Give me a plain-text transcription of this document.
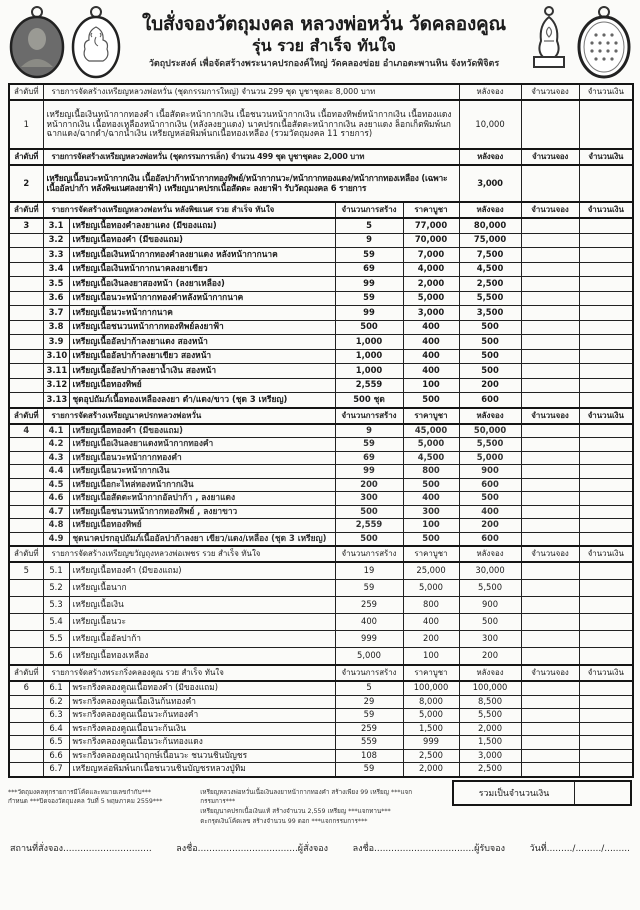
ใบสั่งจองวัตถุมงคล หลวงพ่อหวั่น วัดคลองคูณ
รุ่น รวย สำเร็จ ทันใจ
วัตถุประสงค์ เพื่อจัดสร้างพระนาคปรกองค์ใหญ่ วัดคลองข่อย อำเภอตะพานหิน จังหวัดพิจิตร
ลำดับที่	รายการจัดสร้างเหรียญหลวงพ่อหวั่น (ชุดกรรมการใหญ่) จำนวน 299 ชุด บูชาชุดละ 8,000 บาท				หลังจอง	จำนวนจอง	จำนวนเงิน
1	เหรียญเนื้อเงินหน้ากากทองคำ เนื้อสัตตะหน้ากากเงิน เนื้อชนวนหน้ากากเงิน เนื้อทองทิพย์หน้ากากเงิน เนื้อทองแดงหน้ากากเงิน เนื้อทองเหลืองหน้ากากเงิน (หลังลงยาแดง) นาคปรกเนื้อสัตตะหน้ากากเงิน ลงยาแดง ล็อกเก็ตพิมพ์นก ฉากแดง/ฉากดำ/ฉากน้ำเงิน เหรียญหล่อพิมพ์นกเนื้อทองเหลือง (รวมวัตถุมงคล 11 รายการ)				10,000		
ลำดับที่	รายการจัดสร้างเหรียญหลวงพ่อหวั่น (ชุดกรรมการเล็ก) จำนวน 499 ชุด บูชาชุดละ 2,000 บาท				หลังจอง	จำนวนจอง	จำนวนเงิน
2	เหรียญเนื้อนวะหน้ากากเงิน เนื้ออัลปาก้าหน้ากากทองทิพย์/หน้ากากนวะ/หน้ากากทองแดง/หน้ากากทองเหลือง (เฉพาะเนื้ออัลปาก้า หลังพิฆเนศลงยาฟ้า) เหรียญนาคปรกเนื้อสัตตะ ลงยาฟ้า รับวัตถุมงคล 6 รายการ				3,000		
ลำดับที่	รายการจัดสร้างเหรียญหลวงพ่อหวั่น หลังพิฆเนศ รวย สำเร็จ ทันใจ		จำนวนการสร้าง	ราคาบูชา	หลังจอง	จำนวนจอง	จำนวนเงิน
3	3.1	เหรียญเนื้อทองคำลงยาแดง (มีของแถม)	5	77,000	80,000		
	3.2	เหรียญเนื้อทองคำ (มีของแถม)	9	70,000	75,000		
	3.3	เหรียญเนื้อเงินหน้ากากทองคำลงยาแดง หลังหน้ากากนาค	59	7,000	7,500		
	3.4	เหรียญเนื้อเงินหน้ากากนาคลงยาเขียว	69	4,000	4,500		
	3.5	เหรียญเนื้อเงินลงยาสองหน้า (ลงยาเหลือง)	99	2,000	2,500		
	3.6	เหรียญเนื้อนวะหน้ากากทองคำหลังหน้ากากนาค	59	5,000	5,500		
	3.7	เหรียญเนื้อนวะหน้ากากนาค	99	3,000	3,500		
	3.8	เหรียญเนื้อชนวนหน้ากากทองทิพย์ลงยาฟ้า	500	400	500		
	3.9	เหรียญเนื้ออัลปาก้าลงยาแดง สองหน้า	1,000	400	500		
	3.10	เหรียญเนื้ออัลปาก้าลงยาเขียว สองหน้า	1,000	400	500		
	3.11	เหรียญเนื้ออัลปาก้าลงยาน้ำเงิน สองหน้า	1,000	400	500		
	3.12	เหรียญเนื้อทองทิพย์	2,559	100	200		
	3.13	ชุดอุปถัมภ์เนื้อทองเหลืองลงยา ดำ/แดง/ขาว (ชุด 3 เหรียญ)	500 ชุด	500	600		
ลำดับที่	รายการจัดสร้างเหรียญนาคปรกหลวงพ่อหวั่น		จำนวนการสร้าง	ราคาบูชา	หลังจอง	จำนวนจอง	จำนวนเงิน
4	4.1	เหรียญเนื้อทองคำ (มีของแถม)	9	45,000	50,000		
	4.2	เหรียญเนื้อเงินลงยาแดงหน้ากากทองคำ	59	5,000	5,500		
	4.3	เหรียญเนื้อนวะหน้ากากทองคำ	69	4,500	5,000		
	4.4	เหรียญเนื้อนวะหน้ากากเงิน	99	800	900		
	4.5	เหรียญเนื้อกะไหล่ทองหน้ากากเงิน	200	500	600		
	4.6	เหรียญเนื้อสัตตะหน้ากากอัลปาก้า , ลงยาแดง	300	400	500		
	4.7	เหรียญเนื้อชนวนหน้ากากทองทิพย์ , ลงยาขาว	500	300	400		
	4.8	เหรียญเนื้อทองทิพย์	2,559	100	200		
	4.9	ชุดนาคปรกอุปถัมภ์เนื้ออัลปาก้าลงยา เขียว/แดง/เหลือง (ชุด 3 เหรียญ)	500	500	600		
ลำดับที่	รายการจัดสร้างเหรียญขวัญถุงหลวงพ่อเพชร รวย สำเร็จ ทันใจ		จำนวนการสร้าง	ราคาบูชา	หลังจอง	จำนวนจอง	จำนวนเงิน
5	5.1	เหรียญเนื้อทองคำ (มีของแถม)	19	25,000	30,000		
	5.2	เหรียญเนื้อนาก	59	5,000	5,500		
	5.3	เหรียญเนื้อเงิน	259	800	900		
	5.4	เหรียญเนื้อนวะ	400	400	500		
	5.5	เหรียญเนื้ออัลปาก้า	999	200	300		
	5.6	เหรียญเนื้อทองเหลือง	5,000	100	200		
ลำดับที่	รายการจัดสร้างพระกริ่งคลองคูณ รวย สำเร็จ ทันใจ		จำนวนการสร้าง	ราคาบูชา	หลังจอง	จำนวนจอง	จำนวนเงิน
6	6.1	พระกริ่งคลองคูณเนื้อทองคำ (มีของแถม)	5	100,000	100,000		
	6.2	พระกริ่งคลองคูณเนื้อเงินก้นทองคำ	29	8,000	8,500		
	6.3	พระกริ่งคลองคูณเนื้อนวะก้นทองคำ	59	5,000	5,500		
	6.4	พระกริ่งคลองคูณเนื้อนวะก้นเงิน	259	1,500	2,000		
	6.5	พระกริ่งคลองคูณเนื้อนวะก้นทองแดง	559	999	1,500		
	6.6	พระกริ่งคลองคูณนำฤกษ์เนื้อนวะ ชนวนชินบัญชร	108	2,500	3,000		
	6.7	เหรียญหล่อพิมพ์นกเนื้อชนวนชินบัญชรหลวงปู่ทิม	59	2,000	2,500		
***วัตถุมงคลทุกรายการมีโค้ดและหมายเลขกำกับ***
กำหนด ***ปิดจองวัตถุมงคล วันที่ 5 พฤษภาคม 2559***
เหรียญหลวงพ่อหวั่นเนื้อเงินลงยาหน้ากากทองคำ สร้างเพียง 99 เหรียญ ***แจกกรรมการ***
เหรียญนาคปรกเนื้อเงินแท้ สร้างจำนวน 2,559 เหรียญ ***แจกทาน***
ตะกรุดเงินโค้ดเลข สร้างจำนวน 99 ดอก ***แจกกรรมการ***
รวมเป็นจำนวนเงิน
สถานที่สั่งจอง...............................	ลงชื่อ...................................ผู้สั่งจอง	ลงชื่อ...................................ผู้รับจอง	วันที่........./........./.........
